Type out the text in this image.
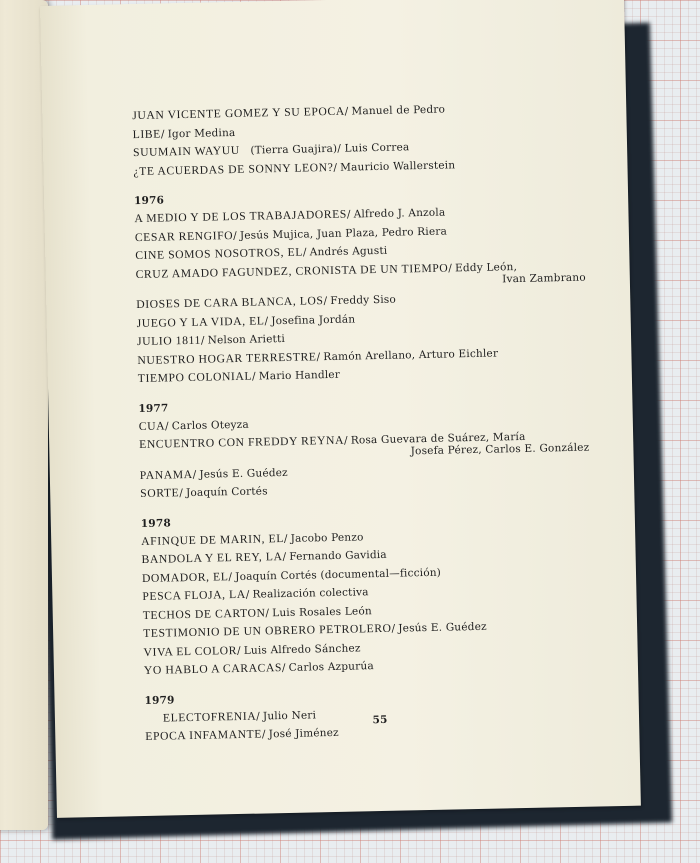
JUAN VICENTE GOMEZ Y SU EPOCA/ Manuel de Pedro
LIBE/ Igor Medina
SUUMAIN WAYUU (Tierra Guajira)/ Luis Correa
¿TE ACUERDAS DE SONNY LEON?/ Mauricio Wallerstein
1976
A MEDIO Y DE LOS TRABAJADORES/ Alfredo J. Anzola
CESAR RENGIFO/ Jesús Mujica, Juan Plaza, Pedro Riera
CINE SOMOS NOSOTROS, EL/ Andrés Agusti
CRUZ AMADO FAGUNDEZ, CRONISTA DE UN TIEMPO/ Eddy León,
Ivan Zambrano
DIOSES DE CARA BLANCA, LOS/ Freddy Siso
JUEGO Y LA VIDA, EL/ Josefina Jordán
JULIO 1811/ Nelson Arietti
NUESTRO HOGAR TERRESTRE/ Ramón Arellano, Arturo Eichler
TIEMPO COLONIAL/ Mario Handler
1977
CUA/ Carlos Oteyza
ENCUENTRO CON FREDDY REYNA/ Rosa Guevara de Suárez, María
Josefa Pérez, Carlos E. González
PANAMA/ Jesús E. Guédez
SORTE/ Joaquín Cortés
1978
AFINQUE DE MARIN, EL/ Jacobo Penzo
BANDOLA Y EL REY, LA/ Fernando Gavidia
DOMADOR, EL/ Joaquín Cortés (documental—ficción)
PESCA FLOJA, LA/ Realización colectiva
TECHOS DE CARTON/ Luis Rosales León
TESTIMONIO DE UN OBRERO PETROLERO/ Jesús E. Guédez
VIVA EL COLOR/ Luis Alfredo Sánchez
YO HABLO A CARACAS/ Carlos Azpurúa
1979
ELECTOFRENIA/ Julio Neri
EPOCA INFAMANTE/ José Jiménez
55
